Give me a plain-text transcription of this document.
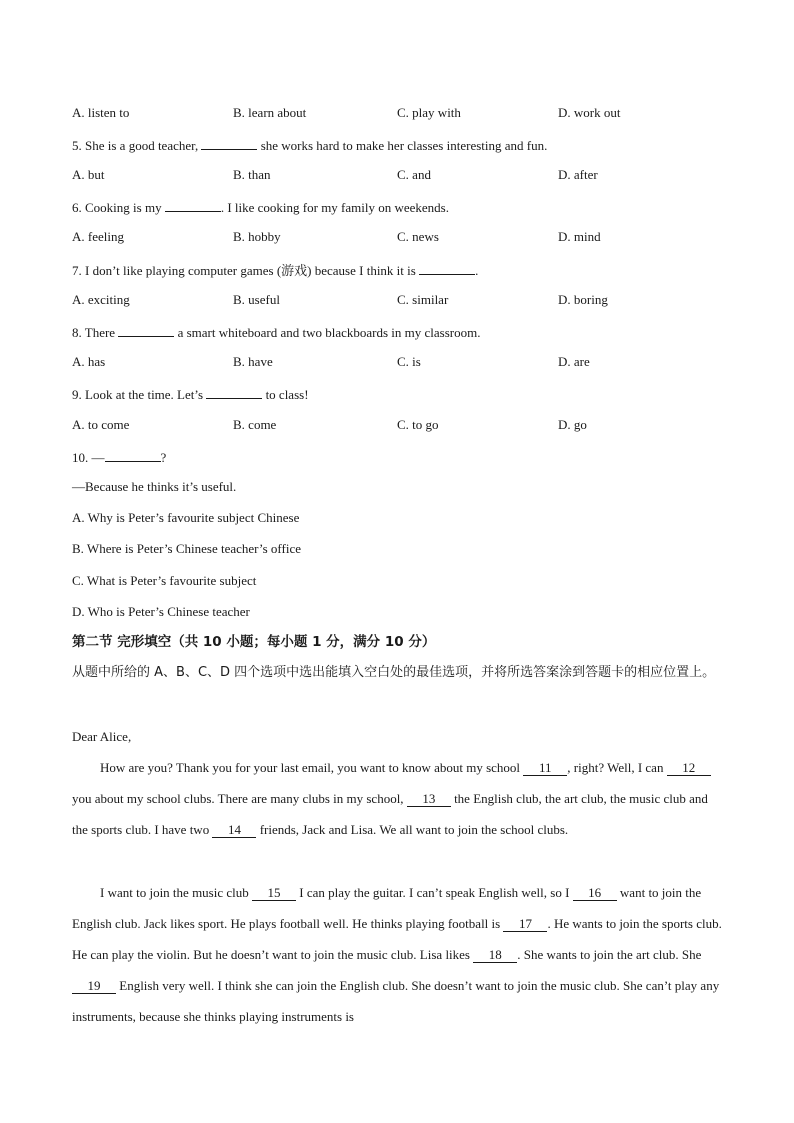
A. listen to	B. learn about	C. play with	D. work out
5. She is a good teacher,	she works hard to make her classes interesting and fun.
A. but	B. than	C. and	D. after
6. Cooking is my	. I like cooking for my family on weekends.
A. feeling	B. hobby	C. news	D. mind
7. I don’t like playing computer games (游戏) because I think it is	.
A. exciting	B. useful	C. similar	D. boring
8. There	a smart whiteboard and two blackboards in my classroom.
A. has	B. have	C. is	D. are
9. Look at the time. Let’s	to class!
A. to come	B. come	C. to go	D. go
10. —	?
—Because he thinks it’s useful.
A. Why is Peter’s favourite subject Chinese
B. Where is Peter’s Chinese teacher’s office
C. What is Peter’s favourite subject
D. Who is Peter’s Chinese teacher
第二节 完形填空（共 10 小题；每小题 1 分，满分 10 分）
从题中所给的 A、B、C、D 四个选项中选出能填入空白处的最佳选项，并将所选答案涂到答题卡的相应位置上。
Dear Alice,
How are you? Thank you for your last email, you want to know about my school 11 , right? Well, I can 12 you about my school clubs. There are many clubs in my school, 13 the English club, the art club, the music club and the sports club. I have two 14 friends, Jack and Lisa. We all want to join the school clubs.
I want to join the music club 15 I can play the guitar. I can’t speak English well, so I 16 want to join the English club. Jack likes sport. He plays football well. He thinks playing football is 17 . He wants to join the sports club. He can play the violin. But he doesn’t want to join the music club. Lisa likes 18 . She wants to join the art club. She 19 English very well. I think she can join the English club. She doesn’t want to join the music club. She can’t play any instruments, because she thinks playing instruments is
